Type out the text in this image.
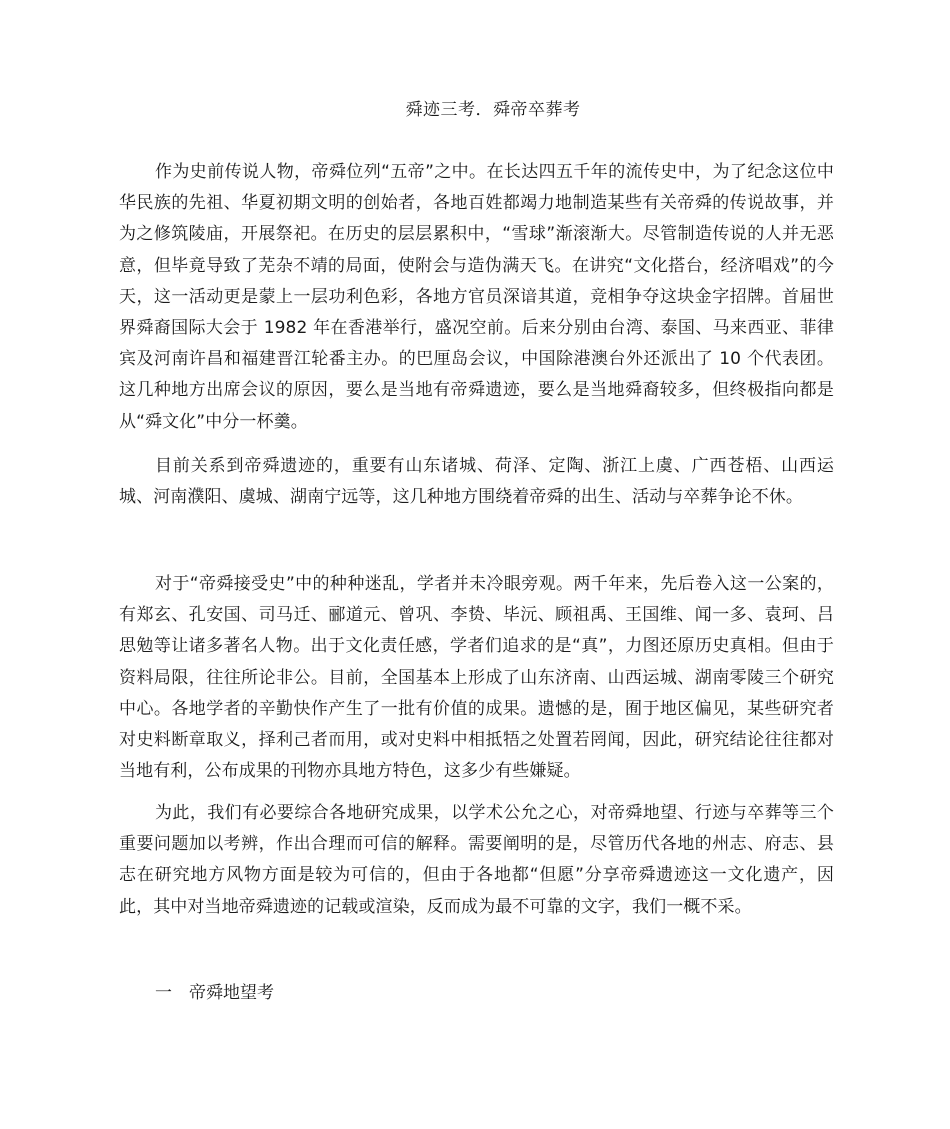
舜迹三考．舜帝卒葬考

作为史前传说人物，帝舜位列“五帝”之中。在长达四五千年的流传史中，为了纪念这位中华民族的先祖、华夏初期文明的创始者，各地百姓都竭力地制造某些有关帝舜的传说故事，并为之修筑陵庙，开展祭祀。在历史的层层累积中，“雪球”渐滚渐大。尽管制造传说的人并无恶意，但毕竟导致了芜杂不靖的局面，使附会与造伪满天飞。在讲究“文化搭台，经济唱戏”的今天，这一活动更是蒙上一层功利色彩，各地方官员深谙其道，竞相争夺这块金字招牌。首届世界舜裔国际大会于 1982 年在香港举行，盛况空前。后来分别由台湾、泰国、马来西亚、菲律宾及河南许昌和福建晋江轮番主办。的巴厘岛会议，中国除港澳台外还派出了 10 个代表团。这几种地方出席会议的原因，要么是当地有帝舜遗迹，要么是当地舜裔较多，但终极指向都是从“舜文化”中分一杯羹。

目前关系到帝舜遗迹的，重要有山东诸城、荷泽、定陶、浙江上虞、广西苍梧、山西运城、河南濮阳、虞城、湖南宁远等，这几种地方围绕着帝舜的出生、活动与卒葬争论不休。

对于“帝舜接受史”中的种种迷乱，学者并未冷眼旁观。两千年来，先后卷入这一公案的，有郑玄、孔安国、司马迁、郦道元、曾巩、李贽、毕沅、顾祖禹、王国维、闻一多、袁珂、吕思勉等让诸多著名人物。出于文化责任感，学者们追求的是“真”，力图还原历史真相。但由于资料局限，往往所论非公。目前，全国基本上形成了山东济南、山西运城、湖南零陵三个研究中心。各地学者的辛勤快作产生了一批有价值的成果。遗憾的是，囿于地区偏见，某些研究者对史料断章取义，择利己者而用，或对史料中相抵牾之处置若罔闻，因此，研究结论往往都对当地有利，公布成果的刊物亦具地方特色，这多少有些嫌疑。

为此，我们有必要综合各地研究成果，以学术公允之心，对帝舜地望、行迹与卒葬等三个重要问题加以考辨，作出合理而可信的解释。需要阐明的是，尽管历代各地的州志、府志、县志在研究地方风物方面是较为可信的，但由于各地都“但愿”分享帝舜遗迹这一文化遗产，因此，其中对当地帝舜遗迹的记载或渲染，反而成为最不可靠的文字，我们一概不采。

一　帝舜地望考
